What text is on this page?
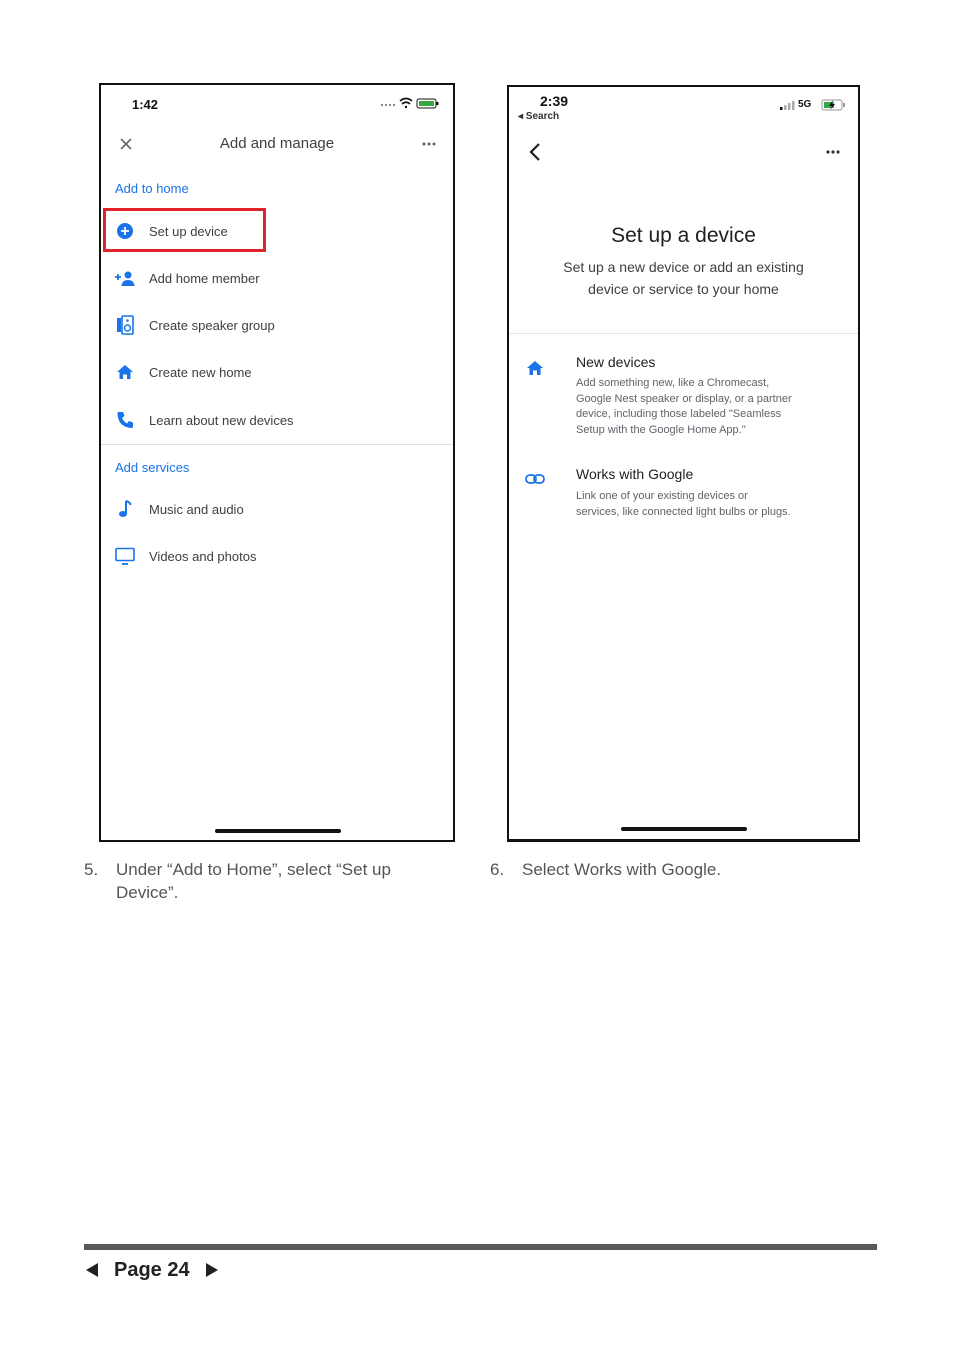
1:42
Add and manage
Add to home
Set up device
Add home member
Create speaker group
Create new home
Learn about new devices
Add services
Music and audio
Videos and photos
2:39
◂ Search
5G
Set up a device
Set up a new device or add an existing
device or service to your home
New devices
Add something new, like a Chromecast,
Google Nest speaker or display, or a partner
device, including those labeled "Seamless
Setup with the Google Home App."
Works with Google
Link one of your existing devices or
services, like connected light bulbs or plugs.
5. Under “Add to Home”, select “Set up
Device”.
6. Select Works with Google.
Page 24
